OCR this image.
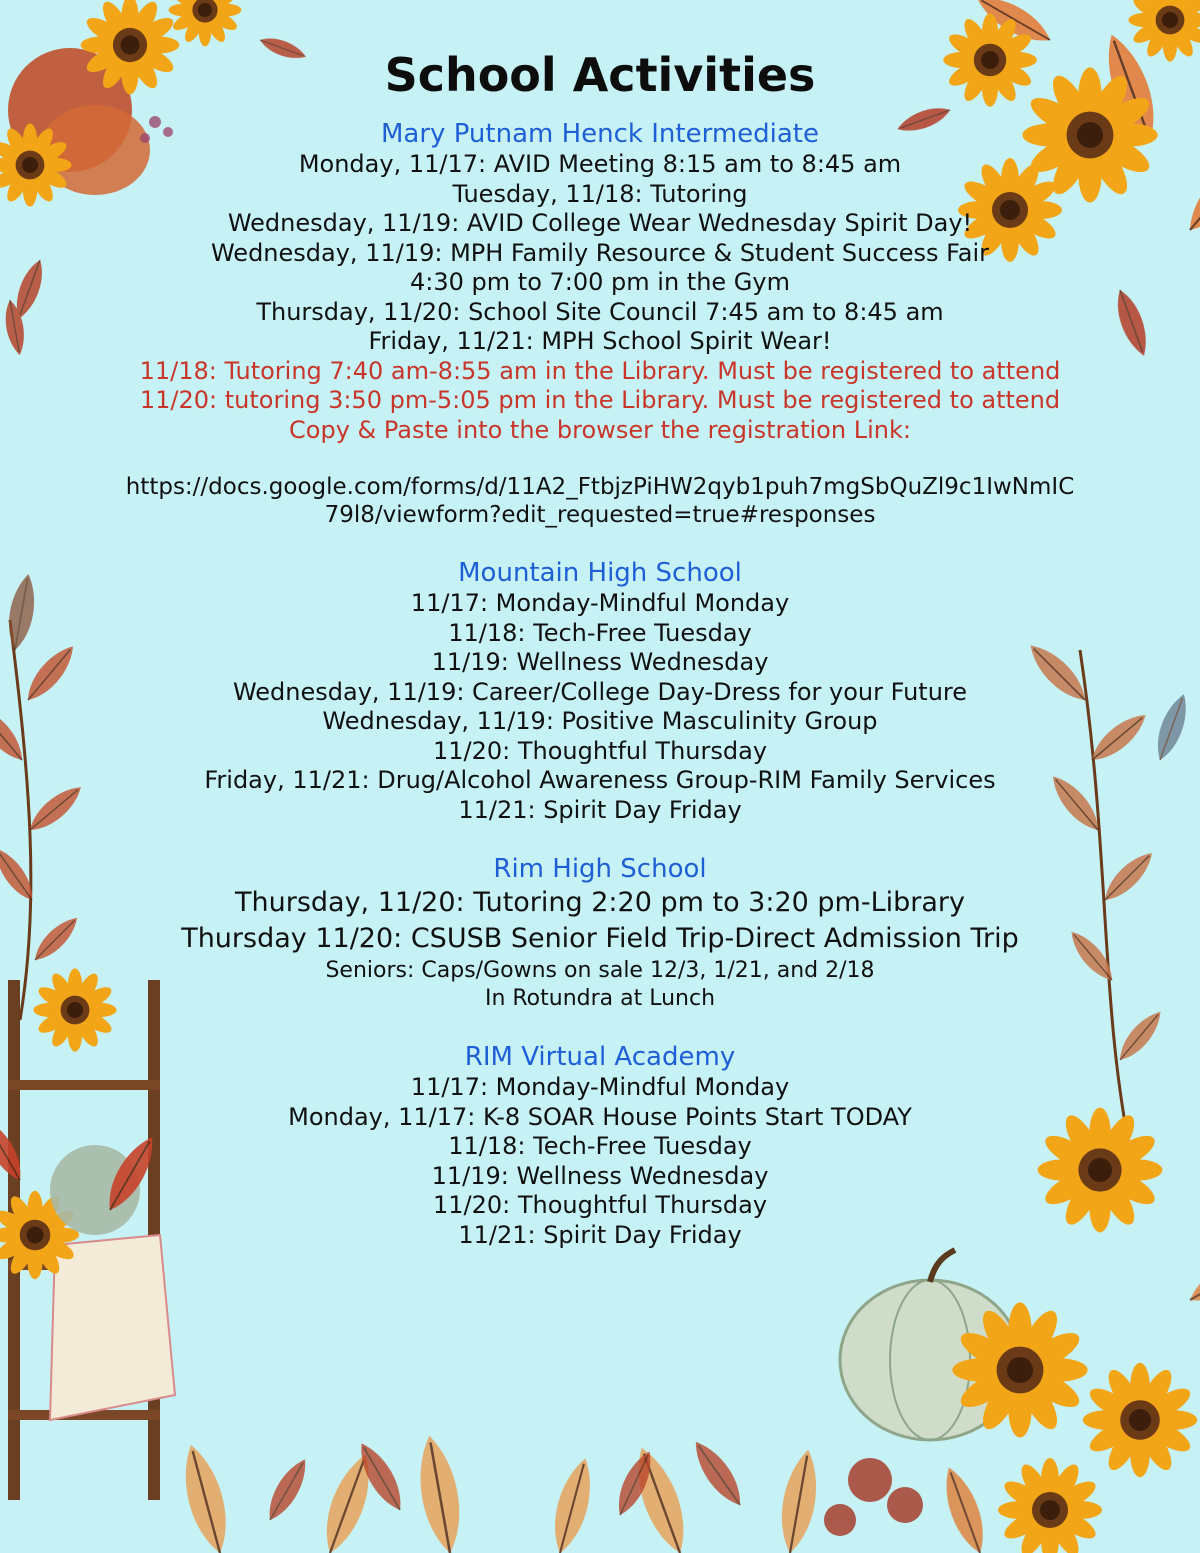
School Activities
Mary Putnam Henck Intermediate
Monday, 11/17: AVID Meeting 8:15 am to 8:45 am
Tuesday, 11/18: Tutoring
Wednesday, 11/19: AVID College Wear Wednesday Spirit Day!
Wednesday, 11/19: MPH Family Resource & Student Success Fair
4:30 pm to 7:00 pm in the Gym
Thursday, 11/20: School Site Council 7:45 am to 8:45 am
Friday, 11/21: MPH School Spirit Wear!
11/18: Tutoring 7:40 am-8:55 am in the Library. Must be registered to attend
11/20: tutoring 3:50 pm-5:05 pm in the Library. Must be registered to attend
Copy & Paste into the browser the registration Link:
https://docs.google.com/forms/d/11A2_FtbjzPiHW2qyb1puh7mgSbQuZl9c1IwNmIC
79l8/viewform?edit_requested=true#responses
Mountain High School
11/17: Monday-Mindful Monday
11/18: Tech-Free Tuesday
11/19: Wellness Wednesday
Wednesday, 11/19: Career/College Day-Dress for your Future
Wednesday, 11/19: Positive Masculinity Group
11/20: Thoughtful Thursday
Friday, 11/21: Drug/Alcohol Awareness Group-RIM Family Services
11/21: Spirit Day Friday
Rim High School
Thursday, 11/20: Tutoring 2:20 pm to 3:20 pm-Library
Thursday 11/20: CSUSB Senior Field Trip-Direct Admission Trip
Seniors: Caps/Gowns on sale 12/3, 1/21, and 2/18
In Rotundra at Lunch
RIM Virtual Academy
11/17: Monday-Mindful Monday
Monday, 11/17: K-8 SOAR House Points Start TODAY
11/18: Tech-Free Tuesday
11/19: Wellness Wednesday
11/20: Thoughtful Thursday
11/21: Spirit Day Friday
